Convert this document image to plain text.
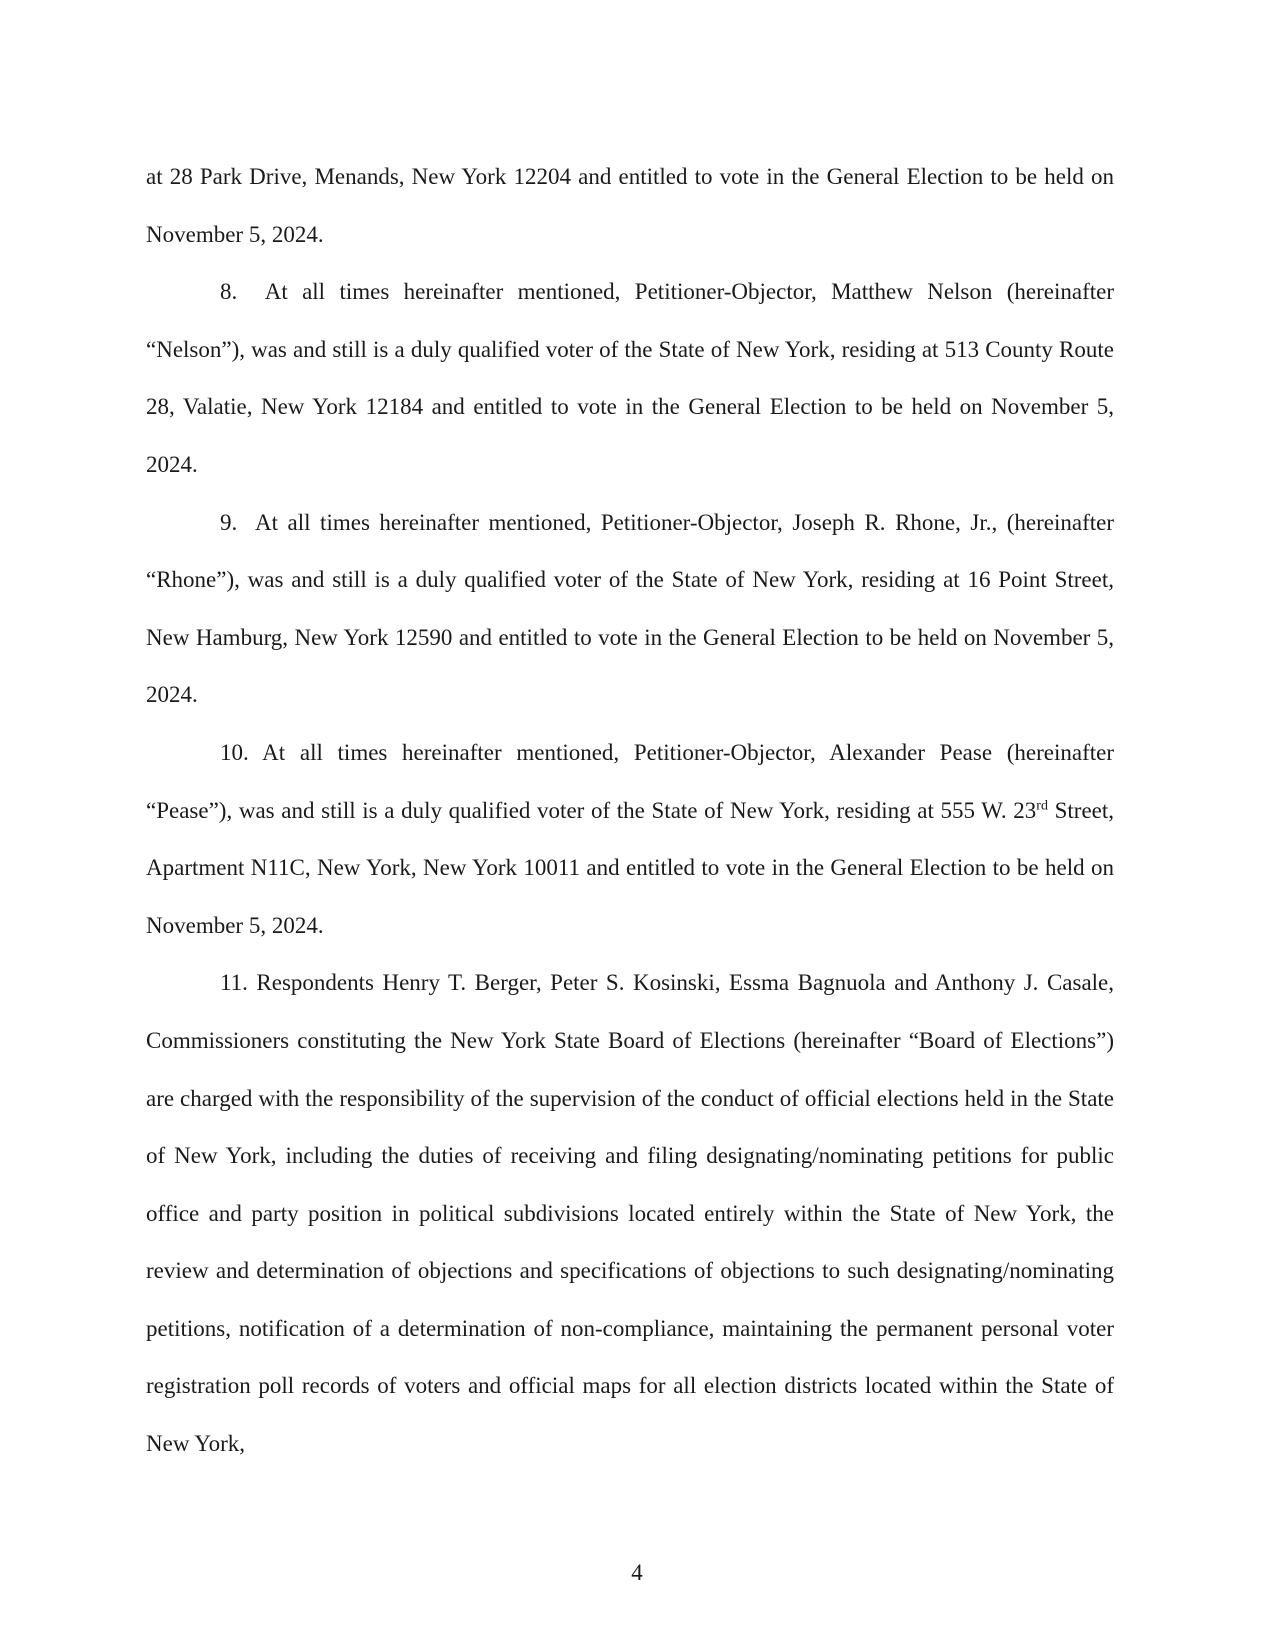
at 28 Park Drive, Menands, New York 12204 and entitled to vote in the General Election to be held on November 5, 2024.

8. At all times hereinafter mentioned, Petitioner-Objector, Matthew Nelson (hereinafter “Nelson”), was and still is a duly qualified voter of the State of New York, residing at 513 County Route 28, Valatie, New York 12184 and entitled to vote in the General Election to be held on November 5, 2024.

9. At all times hereinafter mentioned, Petitioner-Objector, Joseph R. Rhone, Jr., (hereinafter “Rhone”), was and still is a duly qualified voter of the State of New York, residing at 16 Point Street, New Hamburg, New York 12590 and entitled to vote in the General Election to be held on November 5, 2024.

10. At all times hereinafter mentioned, Petitioner-Objector, Alexander Pease (hereinafter “Pease”), was and still is a duly qualified voter of the State of New York, residing at 555 W. 23rd Street, Apartment N11C, New York, New York 10011 and entitled to vote in the General Election to be held on November 5, 2024.

11. Respondents Henry T. Berger, Peter S. Kosinski, Essma Bagnuola and Anthony J. Casale, Commissioners constituting the New York State Board of Elections (hereinafter “Board of Elections”) are charged with the responsibility of the supervision of the conduct of official elections held in the State of New York, including the duties of receiving and filing designating/nominating petitions for public office and party position in political subdivisions located entirely within the State of New York, the review and determination of objections and specifications of objections to such designating/nominating petitions, notification of a determination of non-compliance, maintaining the permanent personal voter registration poll records of voters and official maps for all election districts located within the State of New York,

4
